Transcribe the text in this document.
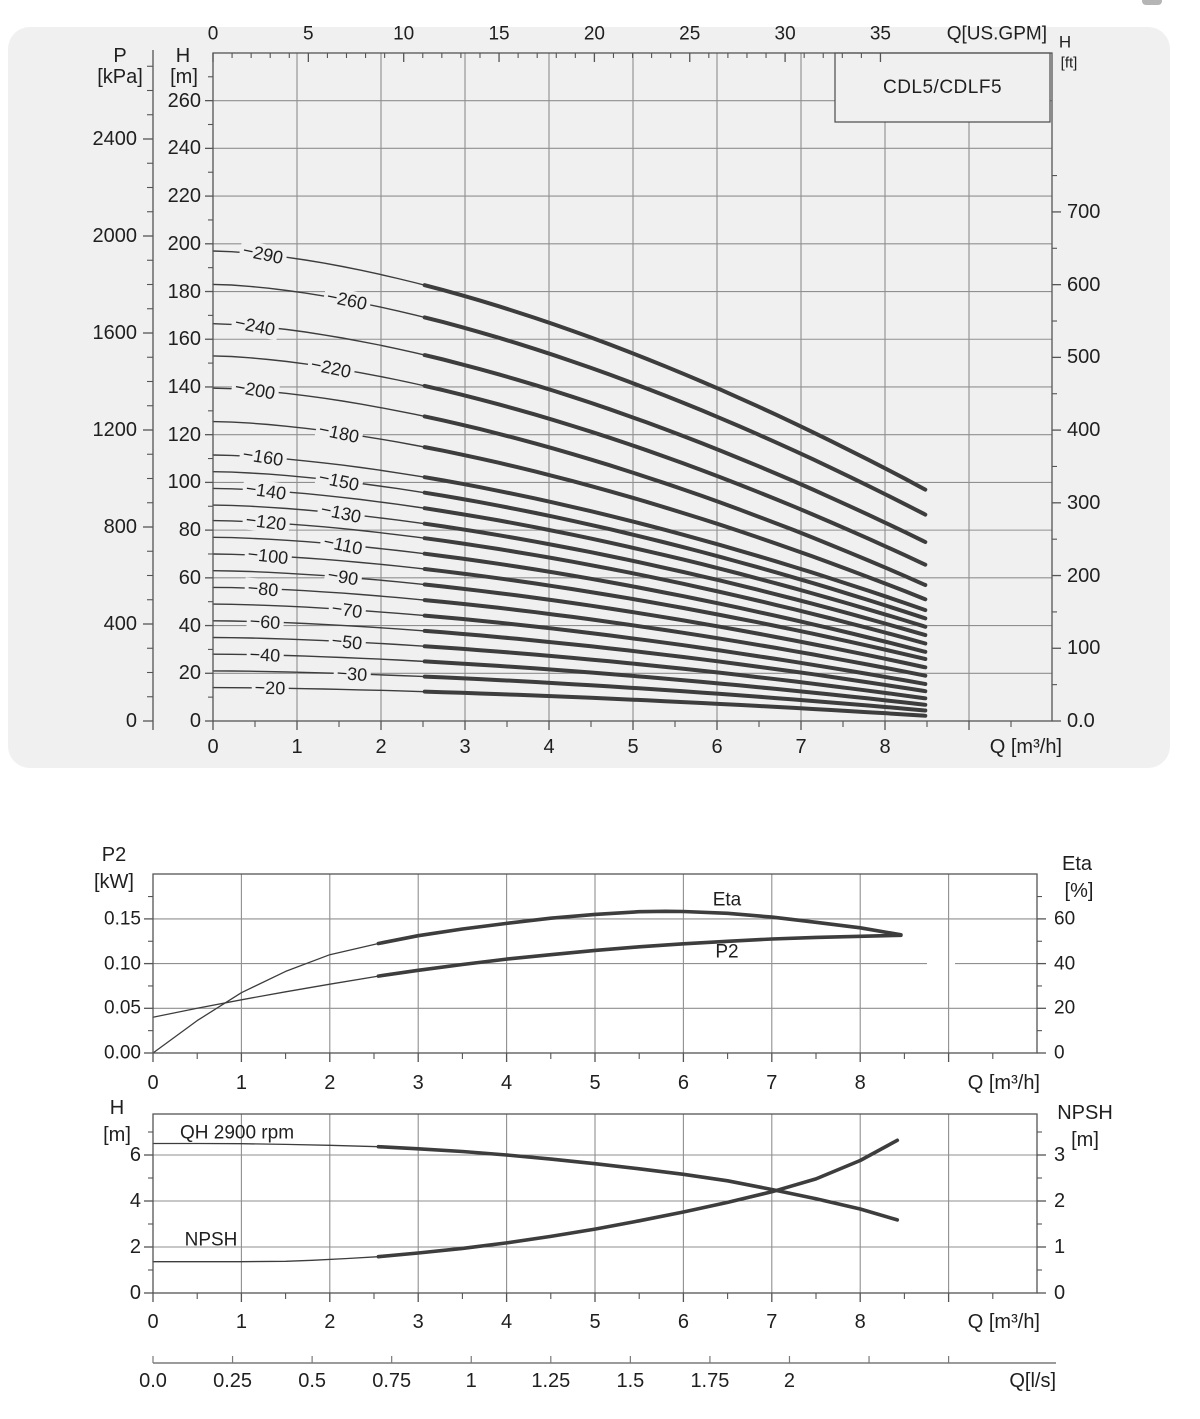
CDL5/CDLF5
−290
−260
−240
−220
−200
−180
−160
−150
−140
−130
−120
−110
−100
−90
−80
−70
−60
−50
−40
−30
−20
0
400
800
1200
1600
2000
2400
0
20
40
60
80
100
120
140
160
180
200
220
240
260
0	5	10	15	20	25	30	35
0.0
100
200
300
400
500
600
700
0	1	2	3	4	5	6	7	8
0.00
0.05
0.10
0.15
0
20
40
60
0	1	2	3	4	5	6	7	8
0
2
4
6
0
1
2
3
0	1	2	3	4	5	6	7	8
0.0 0.25 0.5 0.75	1	1.25 1.5 1.75	2
P
[kPa]
H
[m]
Q[US.GPM] H
[ft]
Q [m³/h]
P2
[kW]
Eta
[%]
Q [m³/h]
H
[m]
NPSH
[m]
Q [m³/h]
Q[l/s]
Eta
P2
QH 2900 rpm
NPSH
